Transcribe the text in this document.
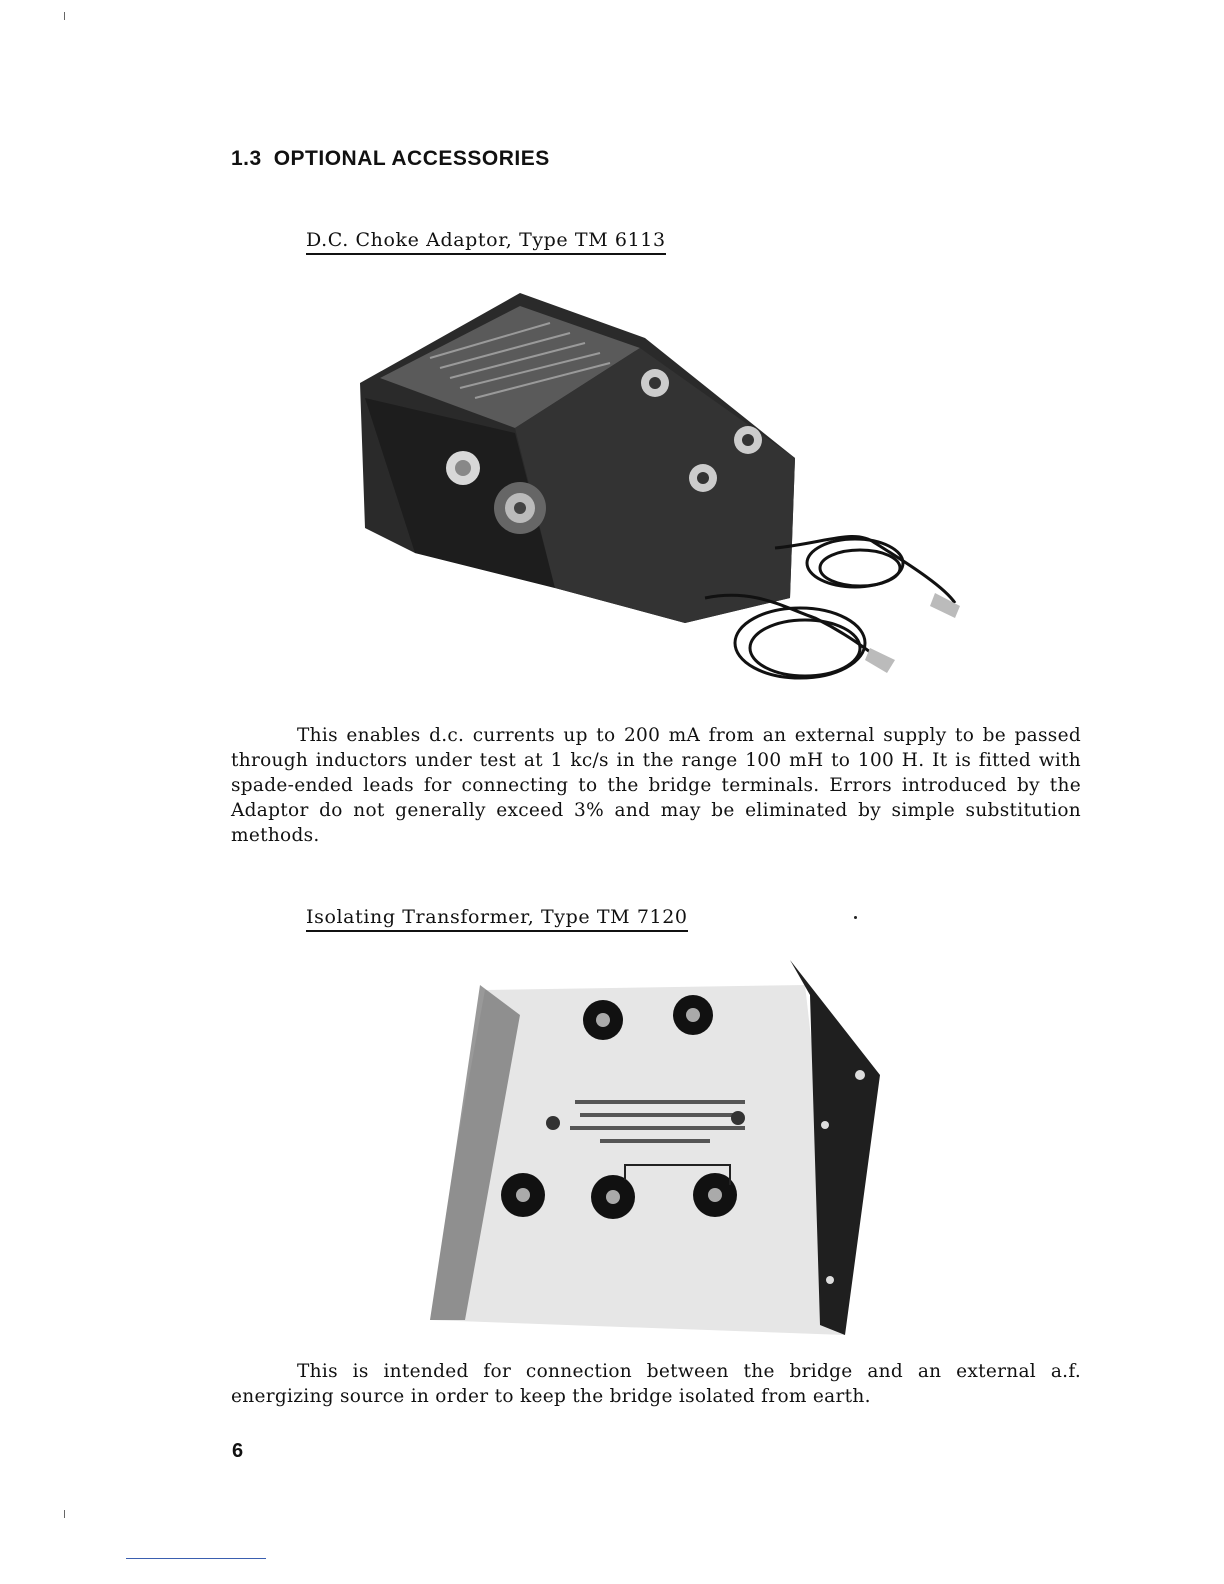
1.3 OPTIONAL ACCESSORIES
D.C. Choke Adaptor, Type TM 6113

This enables d.c. currents up to 200 mA from an external supply to be passed through inductors under test at 1 kc/s in the range 100 mH to 100 H. It is fitted with spade-ended leads for connecting to the bridge terminals. Errors introduced by the Adaptor do not generally exceed 3% and may be eliminated by simple substitution methods.

Isolating Transformer, Type TM 7120

This is intended for connection between the bridge and an external a.f. energizing source in order to keep the bridge isolated from earth.

6
